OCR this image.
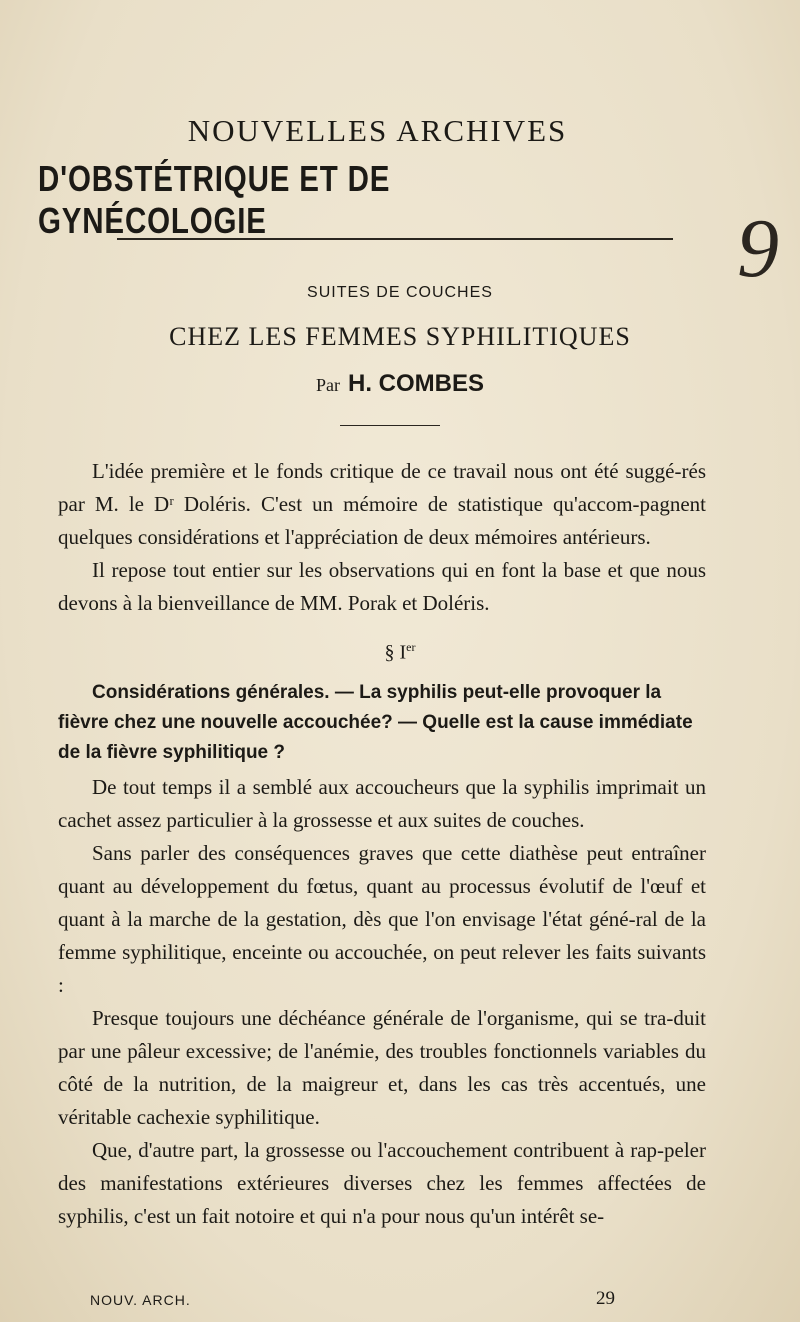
NOUVELLES ARCHIVES
D'OBSTÉTRIQUE ET DE GYNÉCOLOGIE	9
SUITES DE COUCHES
CHEZ LES FEMMES SYPHILITIQUES
Par H. COMBES

L'idée première et le fonds critique de ce travail nous ont été suggé-rés par M. le Dʳ Doléris. C'est un mémoire de statistique qu'accom-pagnent quelques considérations et l'appréciation de deux mémoires antérieurs.

Il repose tout entier sur les observations qui en font la base et que nous devons à la bienveillance de MM. Porak et Doléris.

§ Ier
Considérations générales. — La syphilis peut-elle provoquer la fièvre chez une nouvelle accouchée? — Quelle est la cause immédiate de la fièvre syphilitique ?

De tout temps il a semblé aux accoucheurs que la syphilis imprimait un cachet assez particulier à la grossesse et aux suites de couches.

Sans parler des conséquences graves que cette diathèse peut entraîner quant au développement du fœtus, quant au processus évolutif de l'œuf et quant à la marche de la gestation, dès que l'on envisage l'état géné-ral de la femme syphilitique, enceinte ou accouchée, on peut relever les faits suivants :

Presque toujours une déchéance générale de l'organisme, qui se tra-duit par une pâleur excessive; de l'anémie, des troubles fonctionnels variables du côté de la nutrition, de la maigreur et, dans les cas très accentués, une véritable cachexie syphilitique.

Que, d'autre part, la grossesse ou l'accouchement contribuent à rap-peler des manifestations extérieures diverses chez les femmes affectées de syphilis, c'est un fait notoire et qui n'a pour nous qu'un intérêt se-

NOUV. ARCH.	29
